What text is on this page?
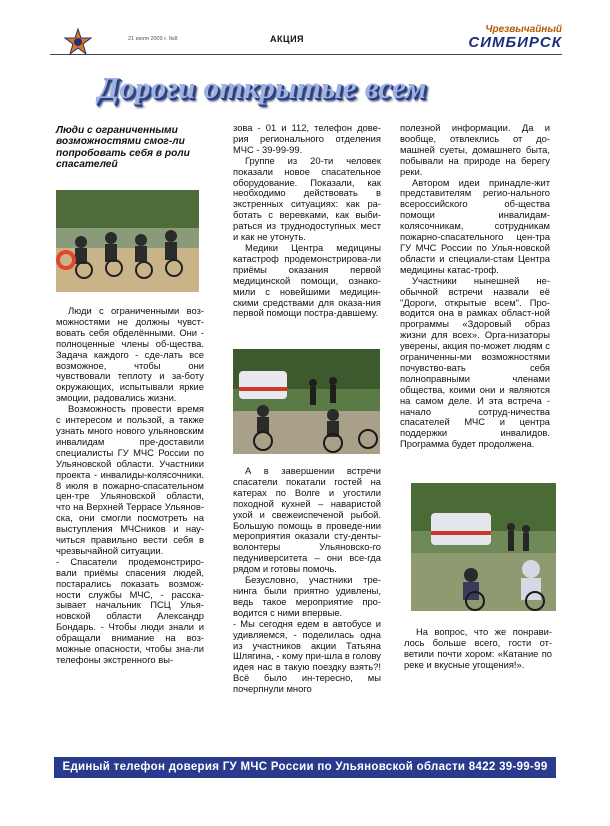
21 июля 2009 г. №8	АКЦИЯ
Чрезвычайный
СИМБИРСК
Дороги открытые всем
Люди с ограниченными возможностями смог-ли попробовать себя в роли спасателей

Люди с ограниченными воз-можностями не должны чувст-вовать себя обделёнными. Они - полноценные члены об-щества. Задача каждого - сде-лать все возможное, чтобы они чувствовали теплоту и за-боту окружающих, испытывали яркие эмоции, радовались жизни.

Возможность провести время с интересом и пользой, а также узнать много нового ульяновским инвалидам пре-доставили специалисты ГУ МЧС России по Ульяновской области. Участники проекта - инвалиды-колясочники. 8 июля в пожарно-спасательном цен-тре Ульяновской области, что на Верхней Террасе Ульянов-ска, они смогли посмотреть на выступления МЧСников и нау-читься правильно вести себя в чрезвычайной ситуации.

- Спасатели продемонстриро-вали приёмы спасения людей, постарались показать возмож-ности службы МЧС, - расска-зывает начальник ПСЦ Улья-новской области Александр Бондарь. - Чтобы люди знали и обращали внимание на воз-можные опасности, чтобы зна-ли телефоны экстренного вы-

зова - 01 и 112, телефон дове-рия регионального отделения МЧС - 39-99-99.

Группе из 20-ти человек показали новое спасательное оборудование. Показали, как необходимо действовать в экстренных ситуациях: как ра-ботать с веревками, как выби-раться из труднодоступных мест и как не утонуть.

Медики Центра медицины катастроф продемонстрирова-ли приёмы оказания первой медицинской помощи, ознако-мили с новейшими медицин-скими средствами для оказа-ния первой помощи постра-давшему.

А в завершении встречи спасатели покатали гостей на катерах по Волге и угостили походной кухней – наваристой ухой и свежеиспеченой рыбой. Большую помощь в проведе-нии мероприятия оказали сту-денты-волонтеры Ульяновско-го педуниверситета – они все-гда рядом и готовы помочь.

Безусловно, участники тре-нинга были приятно удивлены, ведь такое мероприятие про-водится с ними впервые.

- Мы сегодня едем в автобусе и удивляемся, - поделилась одна из участников акции Татьяна Шлягина, - кому при-шла в голову идея нас в такую поездку взять?! Всё было ин-тересно, мы почерпнули много

полезной информации. Да и вообще, отвлеклись от до-машней суеты, домашнего быта, побывали на природе на берегу реки.

Автором идеи принадле-жит представителям регио-нального всероссийского об-щества помощи инвалидам-колясочникам, сотрудникам пожарно-спасательного цен-тра ГУ МЧС России по Улья-новской области и специали-стам Центра медицины катас-троф.

Участники нынешней не-обычной встречи назвали её "Дороги, открытые всем". Про-водится она в рамках област-ной программы «Здоровый образ жизни для всех». Орга-низаторы уверены, акция по-может людям с ограниченны-ми возможностями почувство-вать себя полноправными членами общества, коими они и являются на самом деле. И эта встреча - начало сотруд-ничества спасателей МЧС и центра поддержки инвалидов. Программа будет продолжена.

На вопрос, что же понрави-лось больше всего, гости от-ветили почти хором: «Катание по реке и вкусные угощения!».

Единый телефон доверия ГУ МЧС России по Ульяновской области 8422 39-99-99
